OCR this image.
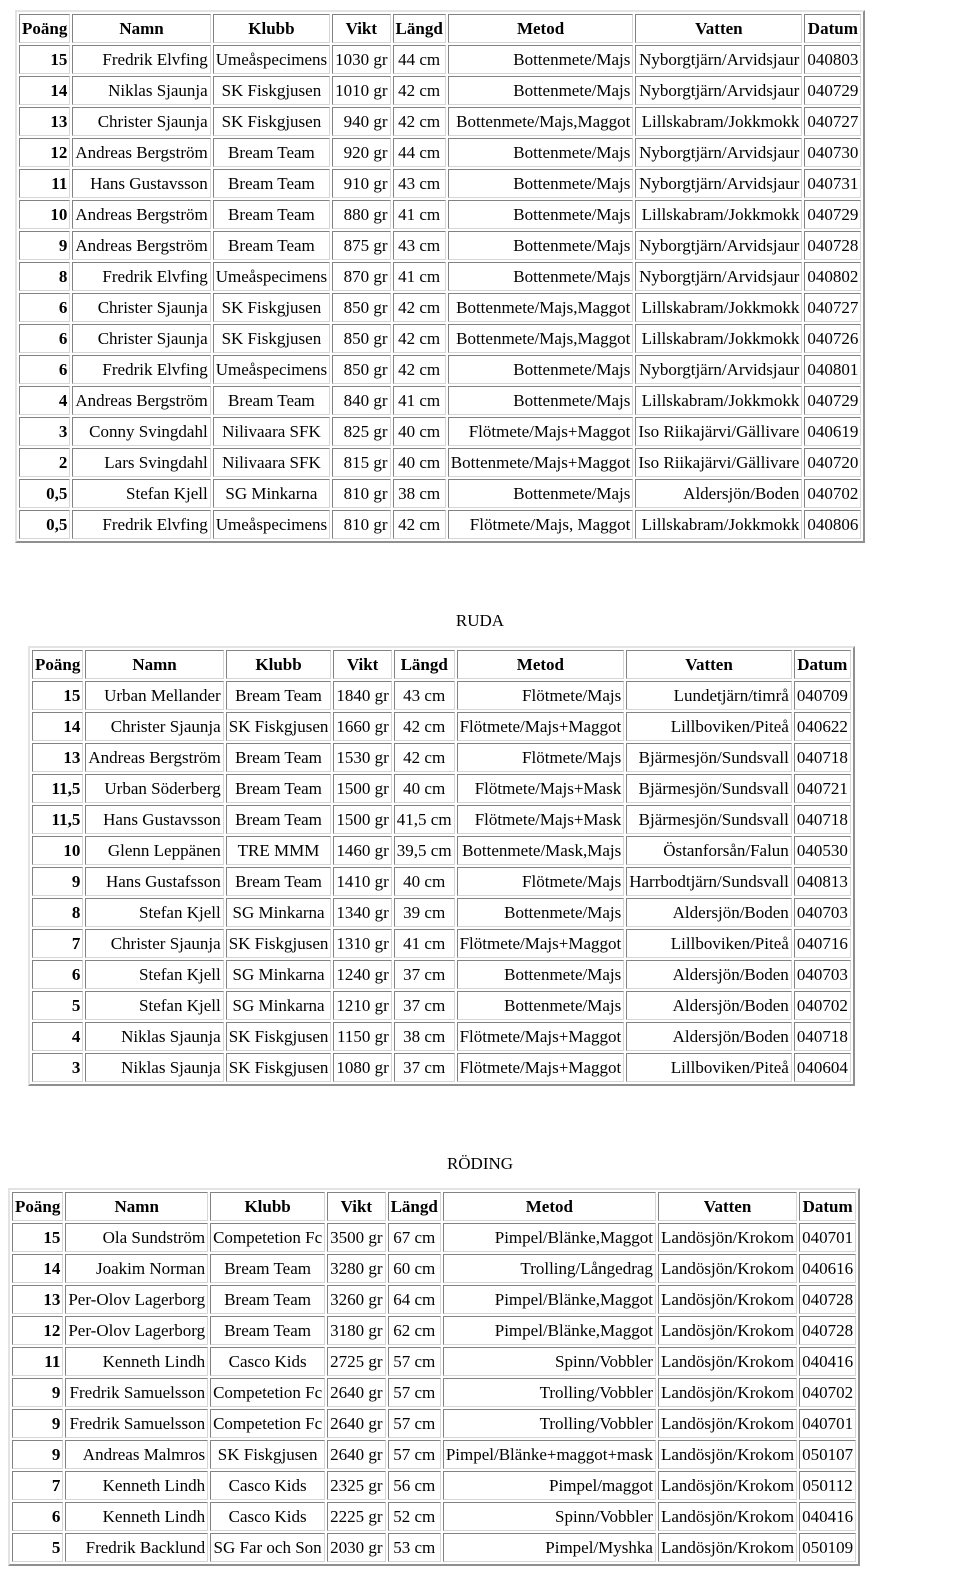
Poäng	Namn	Klubb	Vikt	Längd	Metod	Vatten	Datum
15	Fredrik Elvfing	Umeåspecimens	1030 gr	44 cm	Bottenmete/Majs	Nyborgtjärn/Arvidsjaur	040803
14	Niklas Sjaunja	SK Fiskgjusen	1010 gr	42 cm	Bottenmete/Majs	Nyborgtjärn/Arvidsjaur	040729
13	Christer Sjaunja	SK Fiskgjusen	940 gr	42 cm	Bottenmete/Majs,Maggot	Lillskabram/Jokkmokk	040727
12	Andreas Bergström	Bream Team	920 gr	44 cm	Bottenmete/Majs	Nyborgtjärn/Arvidsjaur	040730
11	Hans Gustavsson	Bream Team	910 gr	43 cm	Bottenmete/Majs	Nyborgtjärn/Arvidsjaur	040731
10	Andreas Bergström	Bream Team	880 gr	41 cm	Bottenmete/Majs	Lillskabram/Jokkmokk	040729
9	Andreas Bergström	Bream Team	875 gr	43 cm	Bottenmete/Majs	Nyborgtjärn/Arvidsjaur	040728
8	Fredrik Elvfing	Umeåspecimens	870 gr	41 cm	Bottenmete/Majs	Nyborgtjärn/Arvidsjaur	040802
6	Christer Sjaunja	SK Fiskgjusen	850 gr	42 cm	Bottenmete/Majs,Maggot	Lillskabram/Jokkmokk	040727
6	Christer Sjaunja	SK Fiskgjusen	850 gr	42 cm	Bottenmete/Majs,Maggot	Lillskabram/Jokkmokk	040726
6	Fredrik Elvfing	Umeåspecimens	850 gr	42 cm	Bottenmete/Majs	Nyborgtjärn/Arvidsjaur	040801
4	Andreas Bergström	Bream Team	840 gr	41 cm	Bottenmete/Majs	Lillskabram/Jokkmokk	040729
3	Conny Svingdahl	Nilivaara SFK	825 gr	40 cm	Flötmete/Majs+Maggot	Iso Riikajärvi/Gällivare	040619
2	Lars Svingdahl	Nilivaara SFK	815 gr	40 cm	Bottenmete/Majs+Maggot	Iso Riikajärvi/Gällivare	040720
0,5	Stefan Kjell	SG Minkarna	810 gr	38 cm	Bottenmete/Majs	Aldersjön/Boden	040702
0,5	Fredrik Elvfing	Umeåspecimens	810 gr	42 cm	Flötmete/Majs, Maggot	Lillskabram/Jokkmokk	040806
RUDA
Poäng	Namn	Klubb	Vikt	Längd	Metod	Vatten	Datum
15	Urban Mellander	Bream Team	1840 gr	43 cm	Flötmete/Majs	Lundetjärn/timrå	040709
14	Christer Sjaunja	SK Fiskgjusen	1660 gr	42 cm	Flötmete/Majs+Maggot	Lillboviken/Piteå	040622
13	Andreas Bergström	Bream Team	1530 gr	42 cm	Flötmete/Majs	Bjärmesjön/Sundsvall	040718
11,5	Urban Söderberg	Bream Team	1500 gr	40 cm	Flötmete/Majs+Mask	Bjärmesjön/Sundsvall	040721
11,5	Hans Gustavsson	Bream Team	1500 gr	41,5 cm	Flötmete/Majs+Mask	Bjärmesjön/Sundsvall	040718
10	Glenn Leppänen	TRE MMM	1460 gr	39,5 cm	Bottenmete/Mask,Majs	Östanforsån/Falun	040530
9	Hans Gustafsson	Bream Team	1410 gr	40 cm	Flötmete/Majs	Harrbodtjärn/Sundsvall	040813
8	Stefan Kjell	SG Minkarna	1340 gr	39 cm	Bottenmete/Majs	Aldersjön/Boden	040703
7	Christer Sjaunja	SK Fiskgjusen	1310 gr	41 cm	Flötmete/Majs+Maggot	Lillboviken/Piteå	040716
6	Stefan Kjell	SG Minkarna	1240 gr	37 cm	Bottenmete/Majs	Aldersjön/Boden	040703
5	Stefan Kjell	SG Minkarna	1210 gr	37 cm	Bottenmete/Majs	Aldersjön/Boden	040702
4	Niklas Sjaunja	SK Fiskgjusen	1150 gr	38 cm	Flötmete/Majs+Maggot	Aldersjön/Boden	040718
3	Niklas Sjaunja	SK Fiskgjusen	1080 gr	37 cm	Flötmete/Majs+Maggot	Lillboviken/Piteå	040604
RÖDING
Poäng	Namn	Klubb	Vikt	Längd	Metod	Vatten	Datum
15	Ola Sundström	Competetion Fc	3500 gr	67 cm	Pimpel/Blänke,Maggot	Landösjön/Krokom	040701
14	Joakim Norman	Bream Team	3280 gr	60 cm	Trolling/Långedrag	Landösjön/Krokom	040616
13	Per-Olov Lagerborg	Bream Team	3260 gr	64 cm	Pimpel/Blänke,Maggot	Landösjön/Krokom	040728
12	Per-Olov Lagerborg	Bream Team	3180 gr	62 cm	Pimpel/Blänke,Maggot	Landösjön/Krokom	040728
11	Kenneth Lindh	Casco Kids	2725 gr	57 cm	Spinn/Vobbler	Landösjön/Krokom	040416
9	Fredrik Samuelsson	Competetion Fc	2640 gr	57 cm	Trolling/Vobbler	Landösjön/Krokom	040702
9	Fredrik Samuelsson	Competetion Fc	2640 gr	57 cm	Trolling/Vobbler	Landösjön/Krokom	040701
9	Andreas Malmros	SK Fiskgjusen	2640 gr	57 cm	Pimpel/Blänke+maggot+mask	Landösjön/Krokom	050107
7	Kenneth Lindh	Casco Kids	2325 gr	56 cm	Pimpel/maggot	Landösjön/Krokom	050112
6	Kenneth Lindh	Casco Kids	2225 gr	52 cm	Spinn/Vobbler	Landösjön/Krokom	040416
5	Fredrik Backlund	SG Far och Son	2030 gr	53 cm	Pimpel/Myshka	Landösjön/Krokom	050109
